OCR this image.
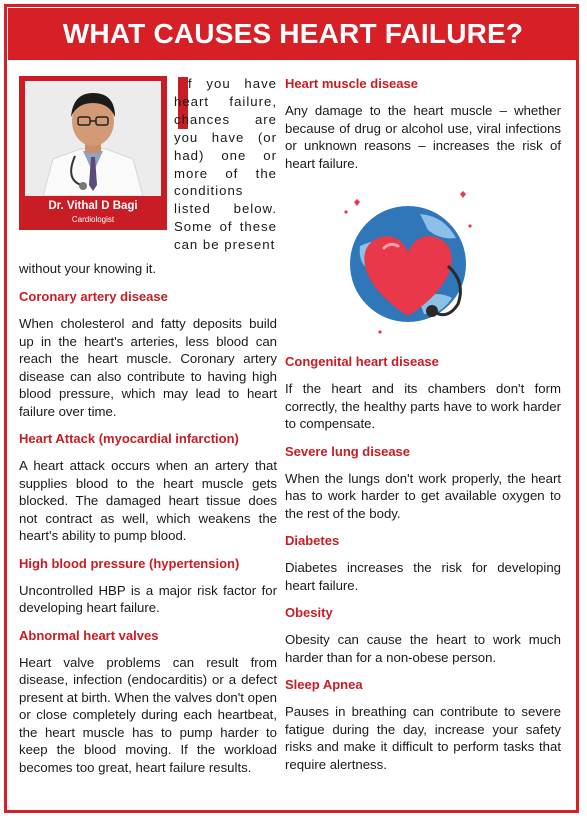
WHAT CAUSES HEART FAILURE?
Dr. Vithal D Bagi
Cardiologist
f you have heart failure, chances are you have (or had) one or more of the conditions listed below. Some of these can be present
without your knowing it.
Coronary artery disease

When cholesterol and fatty deposits build up in the heart's arteries, less blood can reach the heart muscle. Coronary artery disease can also contribute to having high blood pressure, which may lead to heart failure over time.

Heart Attack (myocardial infarction)

A heart attack occurs when an artery that supplies blood to the heart muscle gets blocked. The damaged heart tissue does not contract as well, which weakens the heart's ability to pump blood.

High blood pressure (hypertension)

Uncontrolled HBP is a major risk factor for developing heart failure.

Abnormal heart valves

Heart valve problems can result from disease, infection (endocarditis) or a defect present at birth. When the valves don't open or close completely during each heartbeat, the heart muscle has to pump harder to keep the blood moving. If the workload becomes too great, heart failure results.

Heart muscle disease

Any damage to the heart muscle – whether because of drug or alcohol use, viral infections or unknown reasons – increases the risk of heart failure.

Congenital heart disease

If the heart and its chambers don't form correctly, the healthy parts have to work harder to compensate.

Severe lung disease

When the lungs don't work properly, the heart has to work harder to get available oxygen to the rest of the body.

Diabetes

Diabetes increases the risk for developing heart failure.

Obesity

Obesity can cause the heart to work much harder than for a non-obese person.

Sleep Apnea

Pauses in breathing can contribute to severe fatigue during the day, increase your safety risks and make it difficult to perform tasks that require alertness.
